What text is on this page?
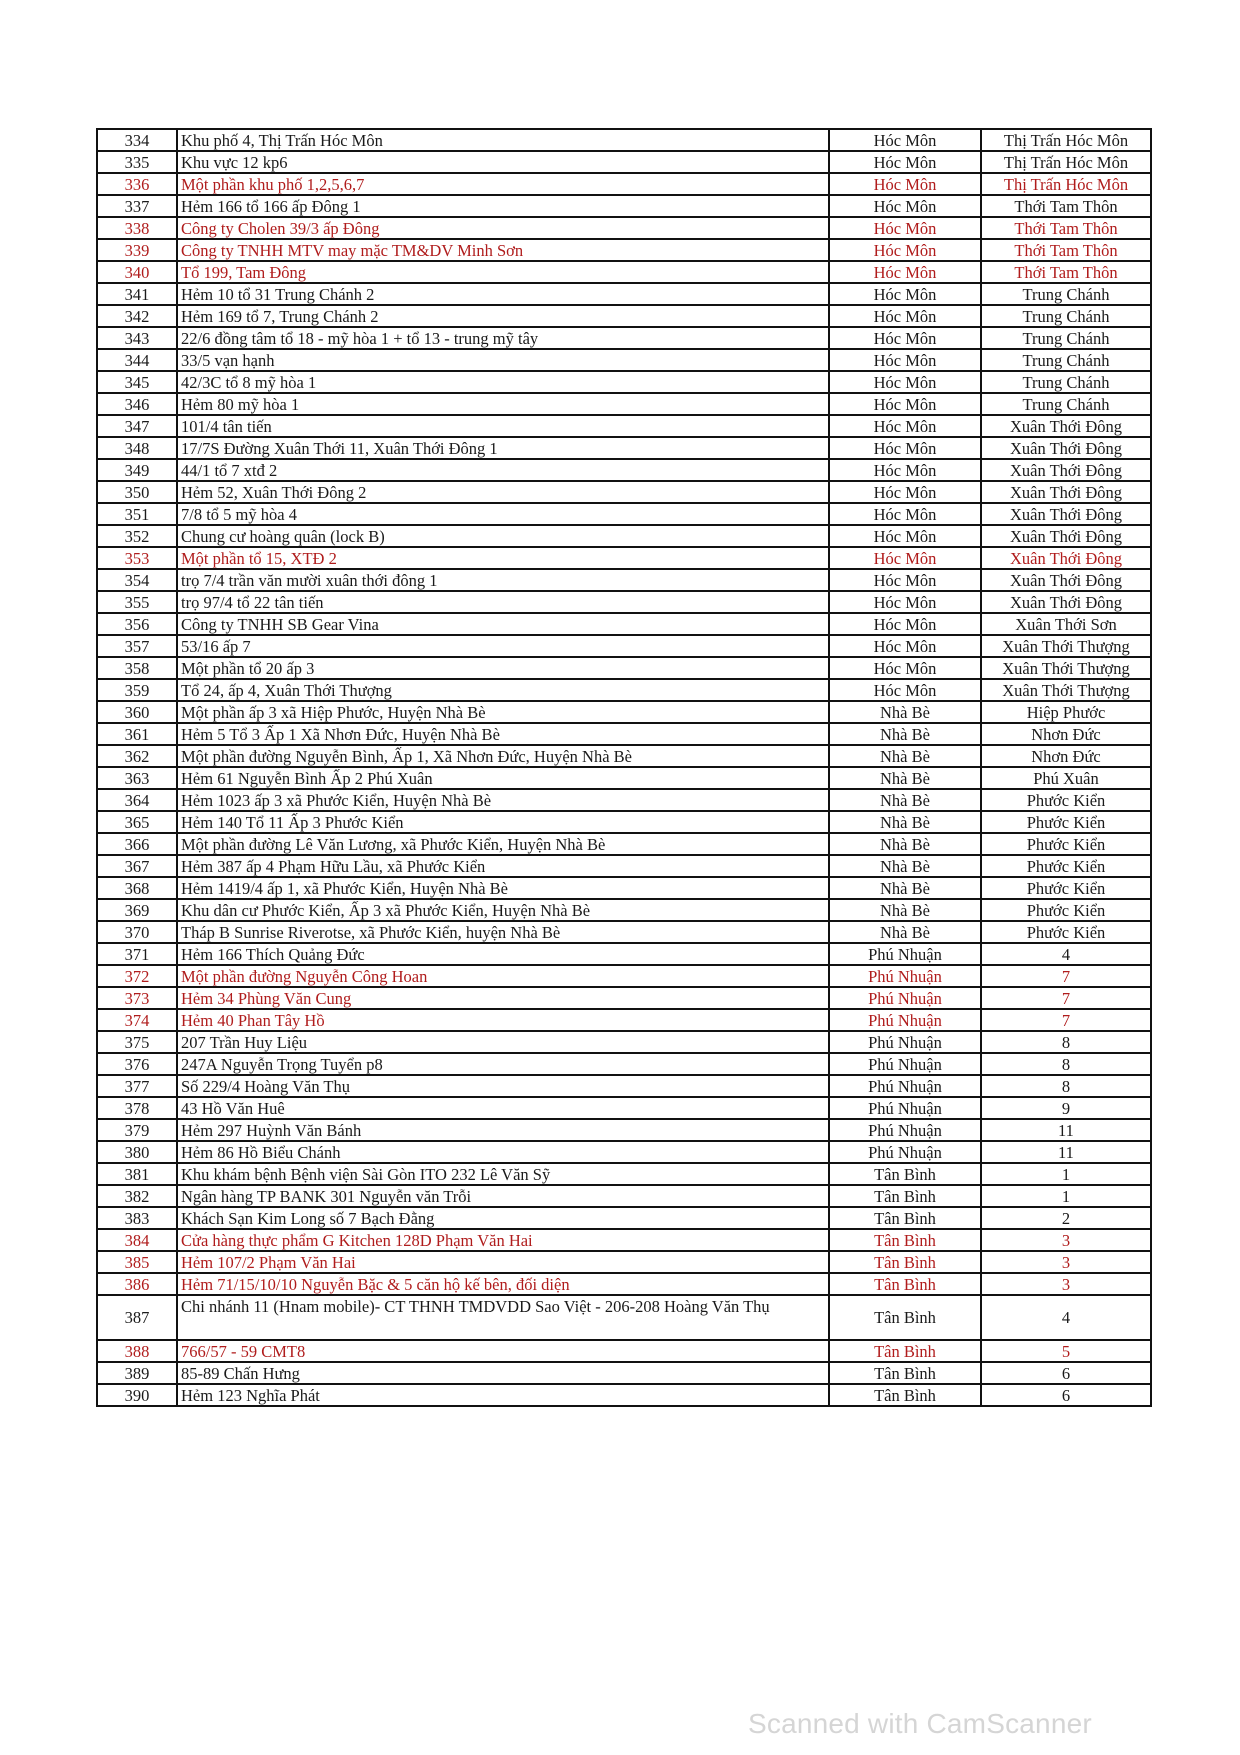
334	Khu phố 4, Thị Trấn Hóc Môn	Hóc Môn	Thị Trấn Hóc Môn
335	Khu vực 12 kp6	Hóc Môn	Thị Trấn Hóc Môn
336	Một phần khu phố 1,2,5,6,7	Hóc Môn	Thị Trấn Hóc Môn
337	Hẻm 166 tổ 166 ấp Đông 1	Hóc Môn	Thới Tam Thôn
338	Công ty Cholen 39/3 ấp Đông	Hóc Môn	Thới Tam Thôn
339	Công ty TNHH MTV may mặc TM&DV Minh Sơn	Hóc Môn	Thới Tam Thôn
340	Tổ 199, Tam Đông	Hóc Môn	Thới Tam Thôn
341	Hẻm 10 tổ 31 Trung Chánh 2	Hóc Môn	Trung Chánh
342	Hẻm 169 tổ 7, Trung Chánh 2	Hóc Môn	Trung Chánh
343	22/6 đồng tâm tổ 18 - mỹ hòa 1 + tổ 13 - trung mỹ tây	Hóc Môn	Trung Chánh
344	33/5 vạn hạnh	Hóc Môn	Trung Chánh
345	42/3C tổ 8 mỹ hòa 1	Hóc Môn	Trung Chánh
346	Hẻm 80 mỹ hòa 1	Hóc Môn	Trung Chánh
347	101/4 tân tiến	Hóc Môn	Xuân Thới Đông
348	17/7S Đường Xuân Thới 11, Xuân Thới Đông 1	Hóc Môn	Xuân Thới Đông
349	44/1 tổ 7 xtđ 2	Hóc Môn	Xuân Thới Đông
350	Hẻm 52, Xuân Thới Đông 2	Hóc Môn	Xuân Thới Đông
351	7/8 tổ 5 mỹ hòa 4	Hóc Môn	Xuân Thới Đông
352	Chung cư hoàng quân (lock B)	Hóc Môn	Xuân Thới Đông
353	Một phần tổ 15, XTĐ 2	Hóc Môn	Xuân Thới Đông
354	trọ 7/4 trần văn mười xuân thới đông 1	Hóc Môn	Xuân Thới Đông
355	trọ 97/4 tổ 22 tân tiến	Hóc Môn	Xuân Thới Đông
356	Công ty TNHH SB Gear Vina	Hóc Môn	Xuân Thới Sơn
357	53/16 ấp 7	Hóc Môn	Xuân Thới Thượng
358	Một phần tổ 20 ấp 3	Hóc Môn	Xuân Thới Thượng
359	Tổ 24, ấp 4, Xuân Thới Thượng	Hóc Môn	Xuân Thới Thượng
360	Một phần ấp 3 xã Hiệp Phước, Huyện Nhà Bè	Nhà Bè	Hiệp Phước
361	Hẻm 5 Tổ 3 Ấp 1 Xã Nhơn Đức, Huyện Nhà Bè	Nhà Bè	Nhơn Đức
362	Một phần đường Nguyễn Bình, Ấp 1, Xã Nhơn Đức, Huyện Nhà Bè	Nhà Bè	Nhơn Đức
363	Hẻm 61 Nguyễn Bình Ấp 2 Phú Xuân	Nhà Bè	Phú Xuân
364	Hẻm 1023 ấp 3 xã Phước Kiển, Huyện Nhà Bè	Nhà Bè	Phước Kiển
365	Hẻm 140 Tổ 11 Ấp 3 Phước Kiển	Nhà Bè	Phước Kiển
366	Một phần đường Lê Văn Lương, xã Phước Kiển, Huyện Nhà Bè	Nhà Bè	Phước Kiển
367	Hẻm 387 ấp 4 Phạm Hữu Lầu, xã Phước Kiển	Nhà Bè	Phước Kiển
368	Hẻm 1419/4 ấp 1, xã Phước Kiển, Huyện Nhà Bè	Nhà Bè	Phước Kiển
369	Khu dân cư Phước Kiển, Ấp 3 xã Phước Kiển, Huyện Nhà Bè	Nhà Bè	Phước Kiển
370	Tháp B Sunrise Riverotse, xã Phước Kiển, huyện Nhà Bè	Nhà Bè	Phước Kiển
371	Hẻm 166 Thích Quảng Đức	Phú Nhuận	4
372	Một phần đường Nguyễn Công Hoan	Phú Nhuận	7
373	Hẻm 34 Phùng Văn Cung	Phú Nhuận	7
374	Hẻm 40 Phan Tây Hồ	Phú Nhuận	7
375	207 Trần Huy Liệu	Phú Nhuận	8
376	247A Nguyễn Trọng Tuyển p8	Phú Nhuận	8
377	Số 229/4 Hoàng Văn Thụ	Phú Nhuận	8
378	43 Hồ Văn Huê	Phú Nhuận	9
379	Hẻm 297 Huỳnh Văn Bánh	Phú Nhuận	11
380	Hẻm 86 Hồ Biểu Chánh	Phú Nhuận	11
381	Khu khám bệnh Bệnh viện Sài Gòn ITO 232 Lê Văn Sỹ	Tân Bình	1
382	Ngân hàng TP BANK 301 Nguyễn văn Trỗi	Tân Bình	1
383	Khách Sạn Kim Long số 7 Bạch Đằng	Tân Bình	2
384	Cửa hàng thực phẩm G Kitchen 128D Phạm Văn Hai	Tân Bình	3
385	Hẻm 107/2 Phạm Văn Hai	Tân Bình	3
386	Hẻm 71/15/10/10 Nguyễn Bặc & 5 căn hộ kế bên, đối diện	Tân Bình	3
387	Chi nhánh 11 (Hnam mobile)- CT THNH TMDVDD Sao Việt - 206-208 Hoàng Văn Thụ	Tân Bình	4
388	766/57 - 59 CMT8	Tân Bình	5
389	85-89 Chấn Hưng	Tân Bình	6
390	Hẻm 123 Nghĩa Phát	Tân Bình	6
Scanned with CamScanner
